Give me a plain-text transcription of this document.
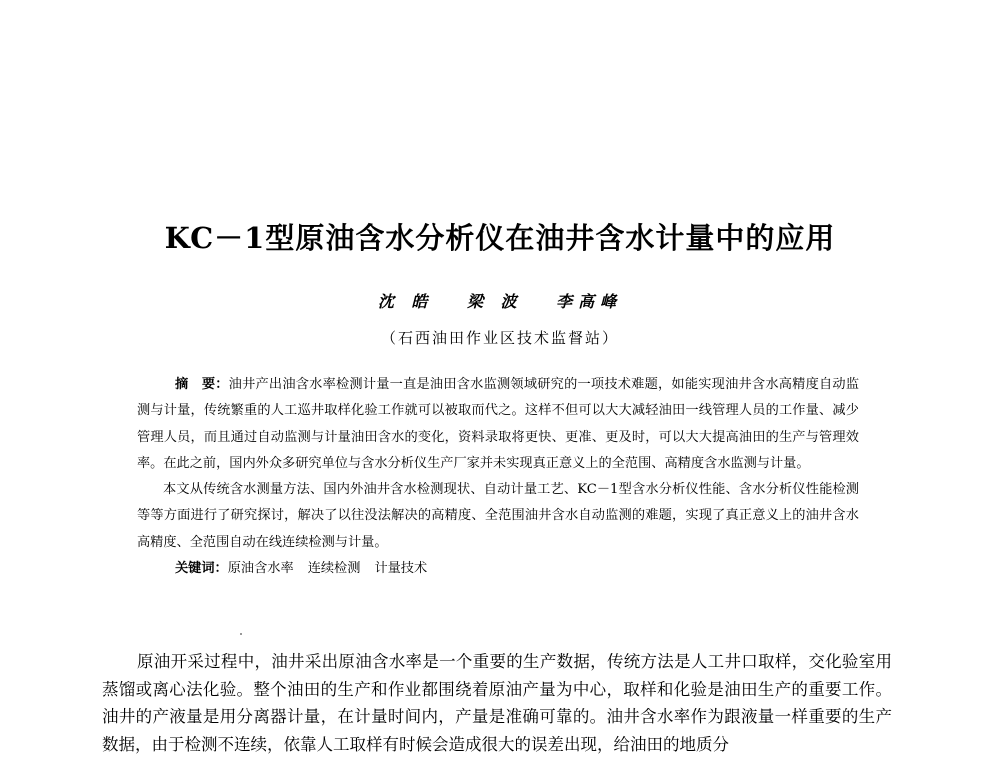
KC－1型原油含水分析仪在油井含水计量中的应用
沈 皓 梁 波 李高峰
（石西油田作业区技术监督站）

摘　要：油井产出油含水率检测计量一直是油田含水监测领域研究的一项技术难题，如能实现油井含水高精度自动监测与计量，传统繁重的人工巡井取样化验工作就可以被取而代之。这样不但可以大大减轻油田一线管理人员的工作量、减少管理人员，而且通过自动监测与计量油田含水的变化，资料录取将更快、更准、更及时，可以大大提高油田的生产与管理效率。在此之前，国内外众多研究单位与含水分析仪生产厂家并未实现真正意义上的全范围、高精度含水监测与计量。

本文从传统含水测量方法、国内外油井含水检测现状、自动计量工艺、KC－1型含水分析仪性能、含水分析仪性能检测等等方面进行了研究探讨，解决了以往没法解决的高精度、全范围油井含水自动监测的难题，实现了真正意义上的油井含水高精度、全范围自动在线连续检测与计量。

关键词：原油含水率 连续检测 计量技术

原油开采过程中，油井采出原油含水率是一个重要的生产数据，传统方法是人工井口取样，交化验室用蒸馏或离心法化验。整个油田的生产和作业都围绕着原油产量为中心，取样和化验是油田生产的重要工作。油井的产液量是用分离器计量，在计量时间内，产量是准确可靠的。油井含水率作为跟液量一样重要的生产数据，由于检测不连续，依靠人工取样有时候会造成很大的误差出现，给油田的地质分
